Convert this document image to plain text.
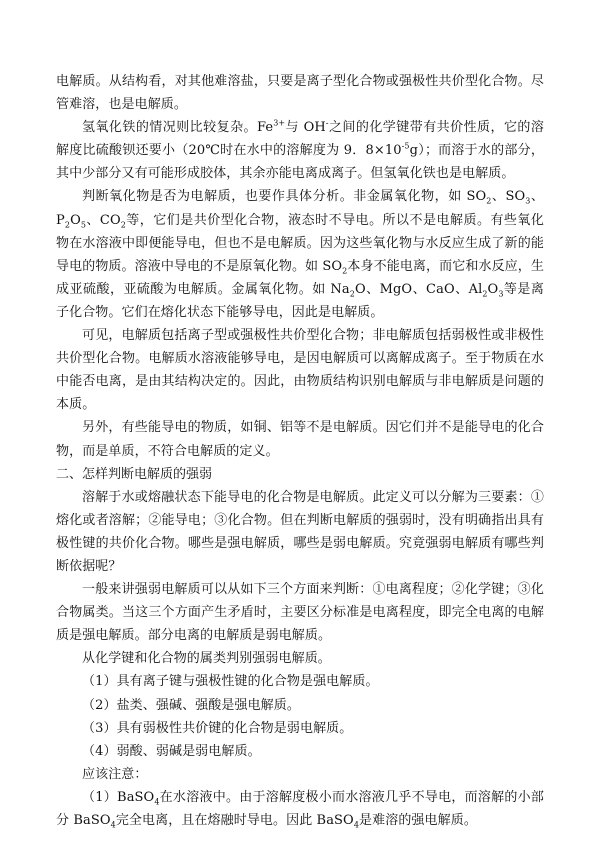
电解质。从结构看，对其他难溶盐，只要是离子型化合物或强极性共价型化合物。尽管难溶，也是电解质。

氢氧化铁的情况则比较复杂。$Fe^{3+}$与 OH-之间的化学键带有共价性质，它的溶解度比硫酸钡还要小（20℃时在水中的溶解度为 9．$8\times 10^{-5}g$）；而溶于水的部分，其中少部分又有可能形成胶体，其余亦能电离成离子。但氢氧化铁也是电解质。

判断氧化物是否为电解质，也要作具体分析。非金属氧化物，如 $SO_2$、$SO_3$、$P_2O_5$、$CO_2$等，它们是共价型化合物，液态时不导电。所以不是电解质。有些氧化物在水溶液中即便能导电，但也不是电解质。因为这些氧化物与水反应生成了新的能导电的物质。溶液中导电的不是原氧化物。如 $SO_2$本身不能电离，而它和水反应，生成亚硫酸，亚硫酸为电解质。金属氧化物。如 $Na_2O$、MgO、CaO、$Al_2O_3$等是离子化合物。它们在熔化状态下能够导电，因此是电解质。

可见，电解质包括离子型或强极性共价型化合物；非电解质包括弱极性或非极性共价型化合物。电解质水溶液能够导电，是因电解质可以离解成离子。至于物质在水中能否电离，是由其结构决定的。因此，由物质结构识别电解质与非电解质是问题的本质。

另外，有些能导电的物质，如铜、铝等不是电解质。因它们并不是能导电的化合物，而是单质，不符合电解质的定义。

二、怎样判断电解质的强弱

溶解于水或熔融状态下能导电的化合物是电解质。此定义可以分解为三要素：①熔化或者溶解；②能导电；③化合物。但在判断电解质的强弱时，没有明确指出具有极性键的共价化合物。哪些是强电解质，哪些是弱电解质。究竟强弱电解质有哪些判断依据呢？

一般来讲强弱电解质可以从如下三个方面来判断：①电离程度；②化学键；③化合物属类。当这三个方面产生矛盾时，主要区分标准是电离程度，即完全电离的电解质是强电解质。部分电离的电解质是弱电解质。

从化学键和化合物的属类判别强弱电解质。

（1）具有离子键与强极性键的化合物是强电解质。

（2）盐类、强碱、强酸是强电解质。

（3）具有弱极性共价键的化合物是弱电解质。

（4）弱酸、弱碱是弱电解质。

应该注意：

（1）BaSO$_4$在水溶液中。由于溶解度极小而水溶液几乎不导电，而溶解的小部分 BaSO$_4$完全电离，且在熔融时导电。因此 BaSO$_4$是难溶的强电解质。
